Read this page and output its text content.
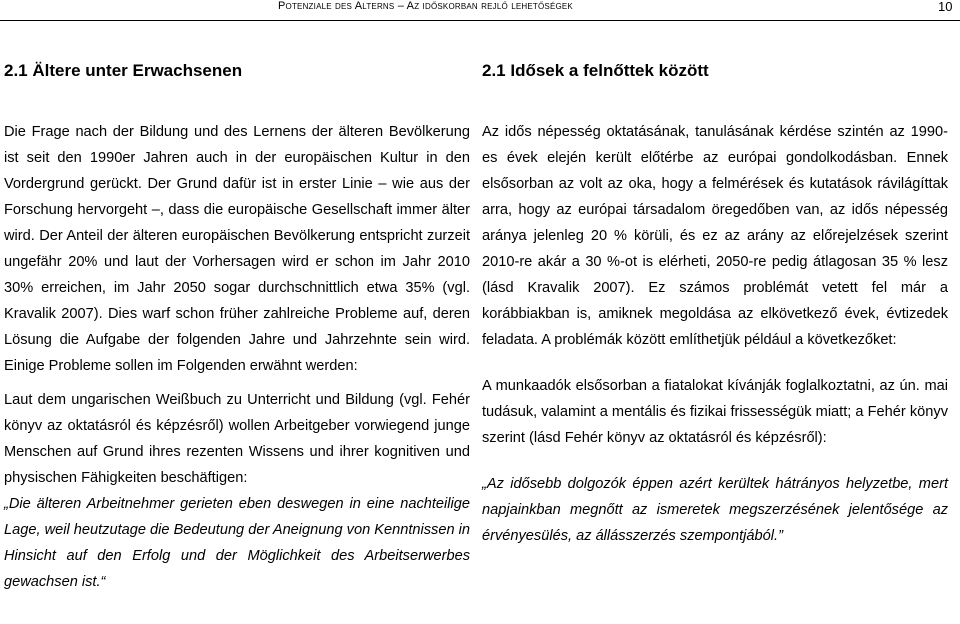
Potenziale des Alterns – Az időskorban rejlő lehetőségek	10
2.1 Ältere unter Erwachsenen

Die Frage nach der Bildung und des Lernens der älteren Bevölkerung ist seit den 1990er Jahren auch in der europäischen Kultur in den Vordergrund gerückt. Der Grund dafür ist in erster Linie – wie aus der Forschung hervorgeht –, dass die europäische Gesellschaft immer älter wird. Der Anteil der älteren europäischen Bevölkerung entspricht zurzeit ungefähr 20% und laut der Vorhersagen wird er schon im Jahr 2010 30% erreichen, im Jahr 2050 sogar durchschnittlich etwa 35% (vgl. Kravalik 2007). Dies warf schon früher zahlreiche Probleme auf, deren Lösung die Aufgabe der folgenden Jahre und Jahrzehnte sein wird. Einige Probleme sollen im Folgenden erwähnt werden:

Laut dem ungarischen Weißbuch zu Unterricht und Bildung (vgl. Fehér könyv az oktatásról és képzésről) wollen Arbeitgeber vorwiegend junge Menschen auf Grund ihres rezenten Wissens und ihrer kognitiven und physischen Fähigkeiten beschäftigen:

„Die älteren Arbeitnehmer gerieten eben deswegen in eine nachteilige Lage, weil heutzutage die Bedeutung der Aneignung von Kenntnissen in Hinsicht auf den Erfolg und der Möglichkeit des Arbeitserwerbes gewachsen ist.“

2.1 Idősek a felnőttek között

Az idős népesség oktatásának, tanulásának kérdése szintén az 1990-es évek elején került előtérbe az európai gondolkodásban. Ennek elsősorban az volt az oka, hogy a felmérések és kutatások rávilágíttak arra, hogy az európai társadalom öregedőben van, az idős népesség aránya jelenleg 20 % körüli, és ez az arány az előrejelzések szerint 2010-re akár a 30 %-ot is elérheti, 2050-re pedig átlagosan 35 % lesz (lásd Kravalik 2007). Ez számos problémát vetett fel már a korábbiakban is, amiknek megoldása az elkövetkező évek, évtizedek feladata. A problémák között említhetjük például a következőket:

A munkaadók elsősorban a fiatalokat kívánják foglalkoztatni, az ún. mai tudásuk, valamint a mentális és fizikai frissességük miatt; a Fehér könyv szerint (lásd Fehér könyv az oktatásról és képzésről):

„Az idősebb dolgozók éppen azért kerültek hátrányos helyzetbe, mert napjainkban megnőtt az ismeretek megszerzésének jelentősége az érvényesülés, az állásszerzés szempontjából.”
